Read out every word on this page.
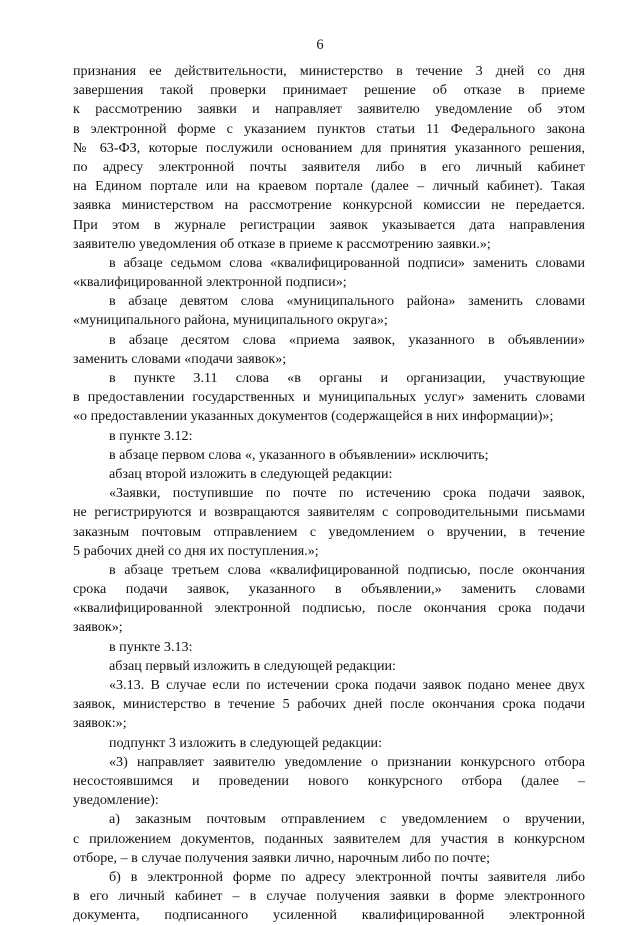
6
признания ее действительности, министерство в течение 3 дней со дня
завершения такой проверки принимает решение об отказе в приеме
к рассмотрению заявки и направляет заявителю уведомление об этом
в электронной форме с указанием пунктов статьи 11 Федерального закона
№ 63-ФЗ, которые послужили основанием для принятия указанного решения,
по адресу электронной почты заявителя либо в его личный кабинет
на Едином портале или на краевом портале (далее – личный кабинет). Такая
заявка министерством на рассмотрение конкурсной комиссии не передается.
При этом в журнале регистрации заявок указывается дата направления
заявителю уведомления об отказе в приеме к рассмотрению заявки.»;
в абзаце седьмом слова «квалифицированной подписи» заменить словами
«квалифицированной электронной подписи»;
в абзаце девятом слова «муниципального района» заменить словами
«муниципального района, муниципального округа»;
в абзаце десятом слова «приема заявок, указанного в объявлении»
заменить словами «подачи заявок»;
в пункте 3.11 слова «в органы и организации, участвующие
в предоставлении государственных и муниципальных услуг» заменить словами
«о предоставлении указанных документов (содержащейся в них информации)»;
в пункте 3.12:
в абзаце первом слова «, указанного в объявлении» исключить;
абзац второй изложить в следующей редакции:
«Заявки, поступившие по почте по истечению срока подачи заявок,
не регистрируются и возвращаются заявителям с сопроводительными письмами
заказным почтовым отправлением с уведомлением о вручении, в течение
5 рабочих дней со дня их поступления.»;
в абзаце третьем слова «квалифицированной подписью, после окончания
срока подачи заявок, указанного в объявлении,» заменить словами
«квалифицированной электронной подписью, после окончания срока подачи
заявок»;
в пункте 3.13:
абзац первый изложить в следующей редакции:
«3.13. В случае если по истечении срока подачи заявок подано менее двух
заявок, министерство в течение 5 рабочих дней после окончания срока подачи
заявок:»;
подпункт 3 изложить в следующей редакции:
«3) направляет заявителю уведомление о признании конкурсного отбора
несостоявшимся и проведении нового конкурсного отбора (далее –
уведомление):
а) заказным почтовым отправлением с уведомлением о вручении,
с приложением документов, поданных заявителем для участия в конкурсном
отборе, – в случае получения заявки лично, нарочным либо по почте;
б) в электронной форме по адресу электронной почты заявителя либо
в его личный кабинет – в случае получения заявки в форме электронного
документа, подписанного усиленной квалифицированной электронной
